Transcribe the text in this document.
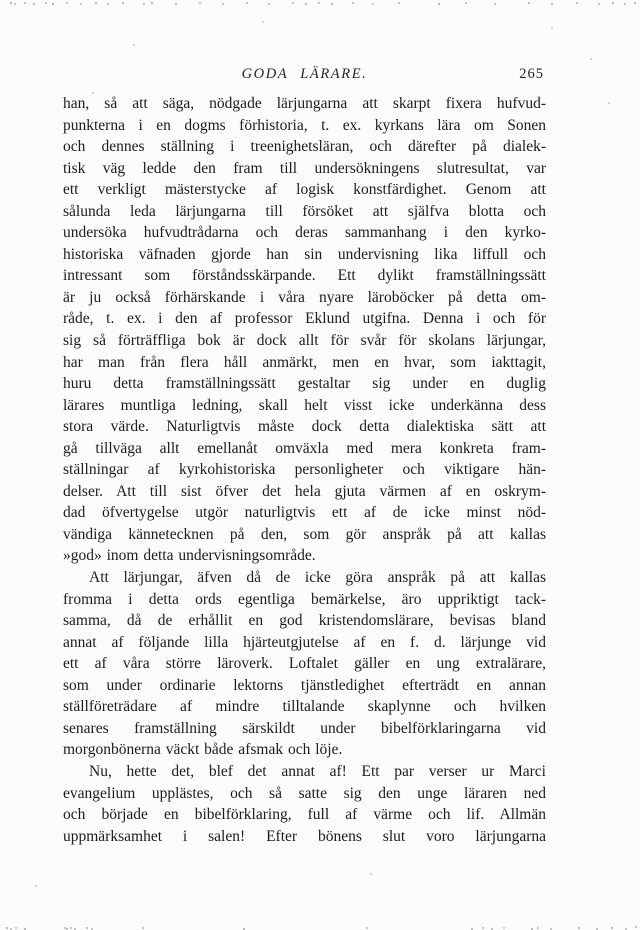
GODA LÄRARE.	265
han, så att säga, nödgade lärjungarna att skarpt fixera hufvud-
punkterna i en dogms förhistoria, t. ex. kyrkans lära om Sonen
och dennes ställning i treenighetsläran, och därefter på dialek-
tisk väg ledde den fram till undersökningens slutresultat, var
ett verkligt mästerstycke af logisk konstfärdighet. Genom att
sålunda leda lärjungarna till försöket att själfva blotta och
undersöka hufvudtrådarna och deras sammanhang i den kyrko-
historiska väfnaden gjorde han sin undervisning lika liffull och
intressant som förståndsskärpande. Ett dylikt framställningssätt
är ju också förhärskande i våra nyare läroböcker på detta om-
råde, t. ex. i den af professor Eklund utgifna. Denna i och för
sig så förträffliga bok är dock allt för svår för skolans lärjungar,
har man från flera håll anmärkt, men en hvar, som iakttagit,
huru detta framställningssätt gestaltar sig under en duglig
lärares muntliga ledning, skall helt visst icke underkänna dess
stora värde. Naturligtvis måste dock detta dialektiska sätt att
gå tillväga allt emellanåt omväxla med mera konkreta fram-
ställningar af kyrkohistoriska personligheter och viktigare hän-
delser. Att till sist öfver det hela gjuta värmen af en oskrym-
dad öfvertygelse utgör naturligtvis ett af de icke minst nöd-
vändiga kännetecknen på den, som gör anspråk på att kallas
»god» inom detta undervisningsområde.
Att lärjungar, äfven då de icke göra anspråk på att kallas
fromma i detta ords egentliga bemärkelse, äro uppriktigt tack-
samma, då de erhållit en god kristendomslärare, bevisas bland
annat af följande lilla hjärteutgjutelse af en f. d. lärjunge vid
ett af våra större läroverk. Loftalet gäller en ung extralärare,
som under ordinarie lektorns tjänstledighet efterträdt en annan
ställföreträdare af mindre tilltalande skaplynne och hvilken
senares framställning särskildt under bibelförklaringarna vid
morgonbönerna väckt både afsmak och löje.
Nu, hette det, blef det annat af! Ett par verser ur Marci
evangelium upplästes, och så satte sig den unge läraren ned
och började en bibelförklaring, full af värme och lif. Allmän
uppmärksamhet i salen! Efter bönens slut voro lärjungarna
